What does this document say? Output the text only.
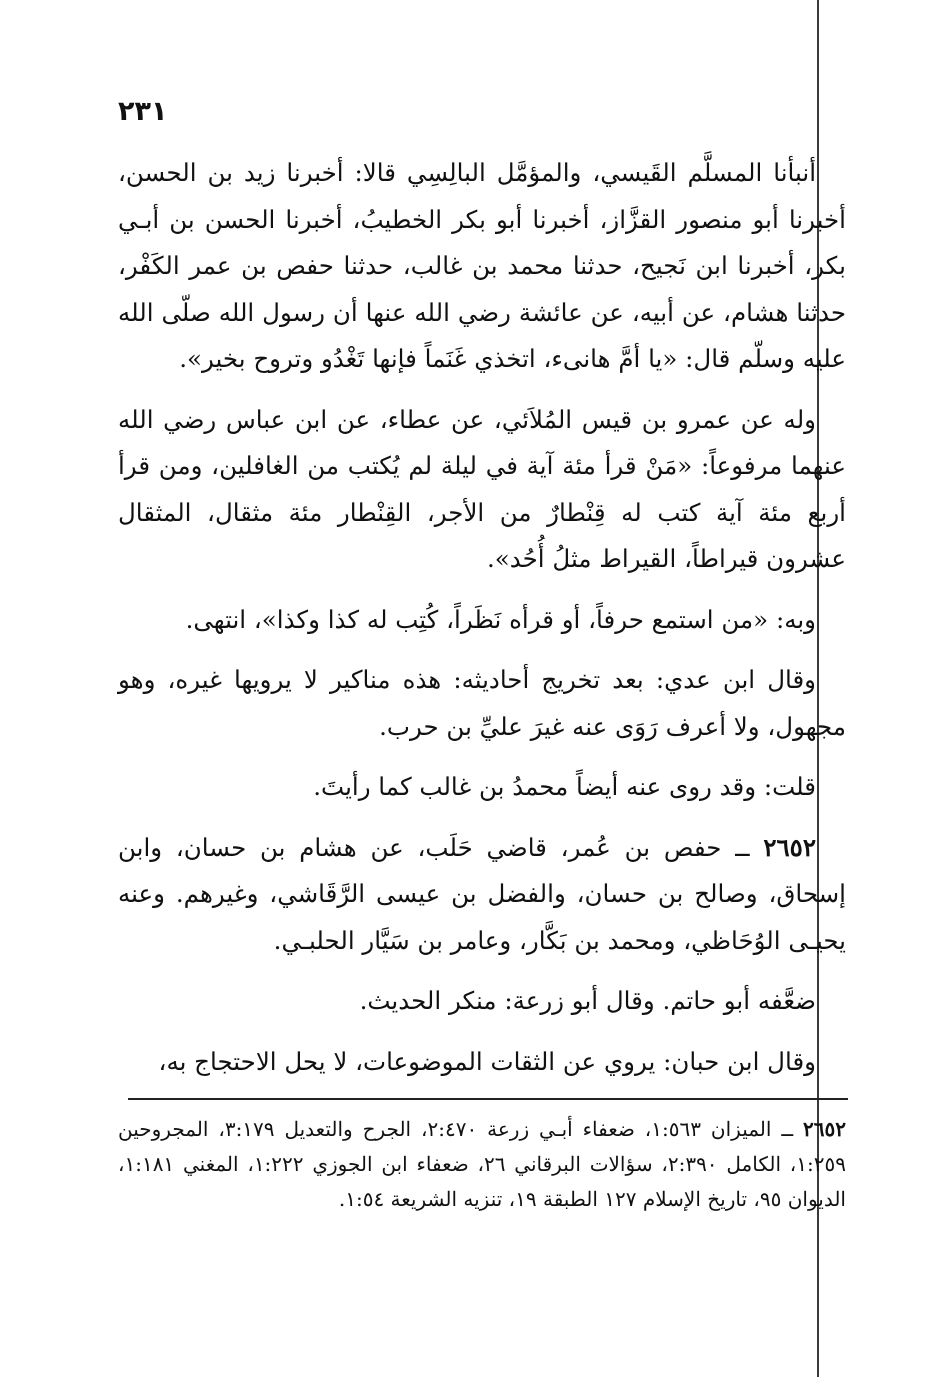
٢٣١

أنبأنا المسلَّم القَيسي، والمؤمَّل البالِسِي قالا: أخبرنا زيد بن الحسن، أخبرنا أبو منصور القزَّاز، أخبرنا أبو بكر الخطيبُ، أخبرنا الحسن بن أبـي بكر، أخبرنا ابن نَجيح، حدثنا محمد بن غالب، حدثنا حفص بن عمر الكَفْر، حدثنا هشام، عن أبيه، عن عائشة رضي الله عنها أن رسول الله صلّى الله عليه وسلّم قال: «يا أمَّ هانىء، اتخذي غَنَماً فإنها تَغْدُو وتروح بخير».

وله عن عمرو بن قيس المُلاَئي، عن عطاء، عن ابن عباس رضي الله عنهما مرفوعاً: «مَنْ قرأ مئة آية في ليلة لم يُكتب من الغافلين، ومن قرأ أربع مئة آية كتب له قِنْطارٌ من الأجر، القِنْطار مئة مثقال، المثقال عشرون قيراطاً، القيراط مثلُ أُحُد».

وبه: «من استمع حرفاً، أو قرأه نَظَراً، كُتِب له كذا وكذا»، انتهى.

وقال ابن عدي: بعد تخريج أحاديثه: هذه مناكير لا يرويها غيره، وهو مجهول، ولا أعرف رَوَى عنه غيرَ عليِّ بن حرب.

قلت: وقد روى عنه أيضاً محمدُ بن غالب كما رأيتَ.

٢٦٥٢ ــ حفص بن عُمر، قاضي حَلَب، عن هشام بن حسان، وابن إسحاق، وصالح بن حسان، والفضل بن عيسى الرَّقَاشي، وغيرهم. وعنه يحيـى الوُحَاظي، ومحمد بن بَكَّار، وعامر بن سَيَّار الحلبـي.

ضعَّفه أبو حاتم. وقال أبو زرعة: منكر الحديث.

وقال ابن حبان: يروي عن الثقات الموضوعات، لا يحل الاحتجاج به،

٢٦٥٢ ــ الميزان ١:٥٦٣، ضعفاء أبـي زرعة ٢:٤٧٠، الجرح والتعديل ٣:١٧٩، المجروحين ١:٢٥٩، الكامل ٢:٣٩٠، سؤالات البرقاني ٢٦، ضعفاء ابن الجوزي ١:٢٢٢، المغني ١:١٨١، الديوان ٩٥، تاريخ الإسلام ١٢٧ الطبقة ١٩، تنزيه الشريعة ١:٥٤.
